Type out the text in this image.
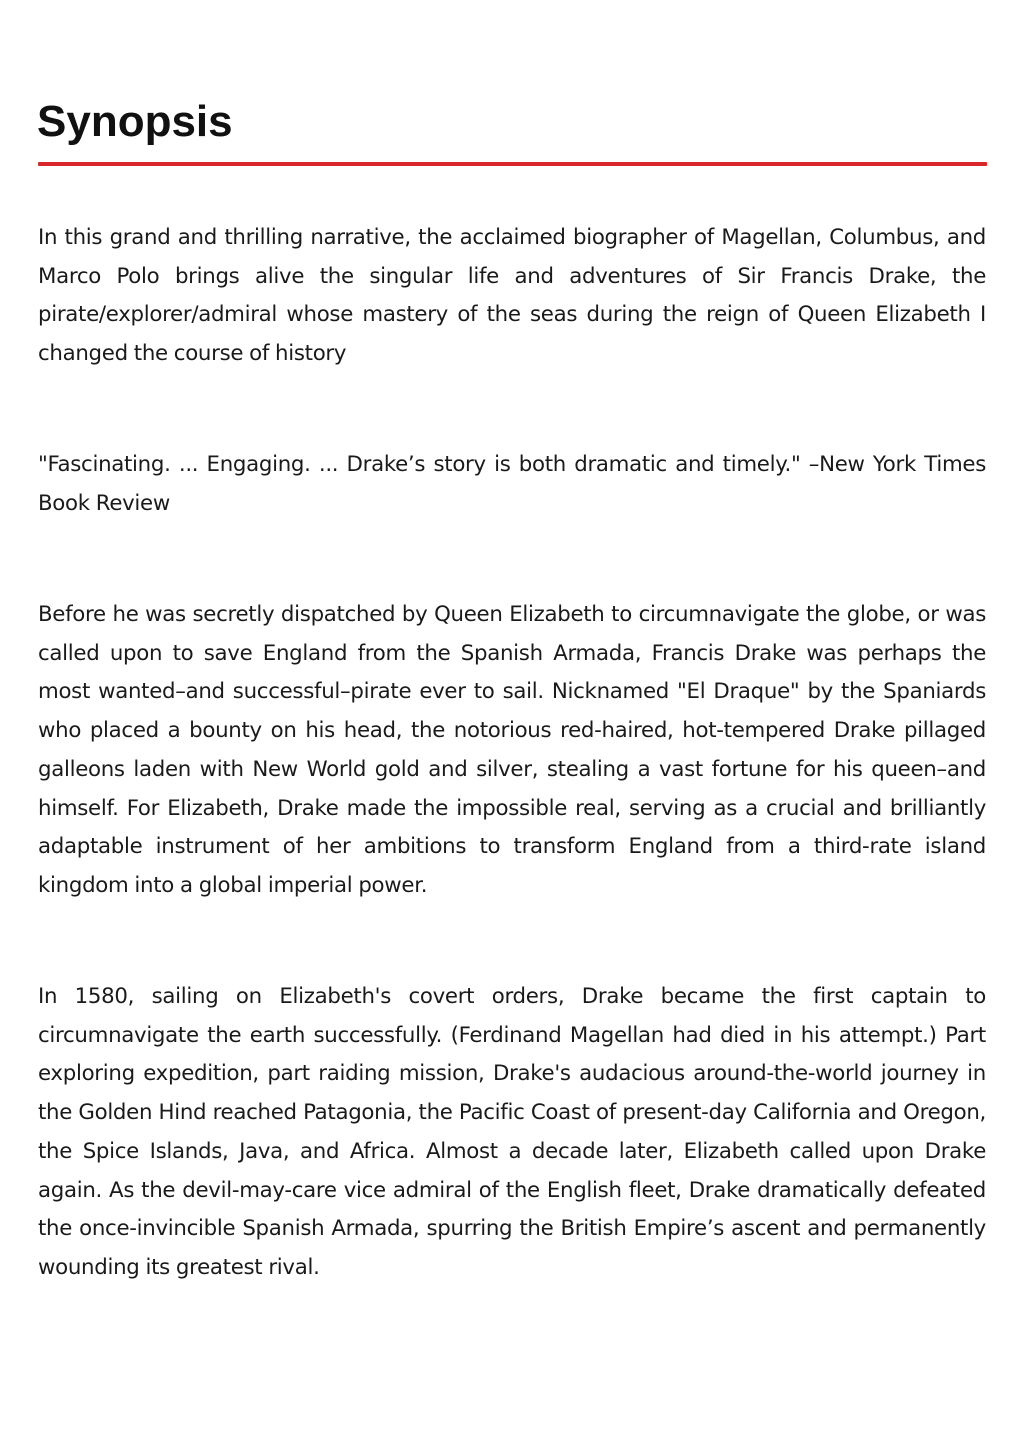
Synopsis

In this grand and thrilling narrative, the acclaimed biographer of Magellan, Columbus, and Marco Polo brings alive the singular life and adventures of Sir Francis Drake, the pirate/explorer/admiral whose mastery of the seas during the reign of Queen Elizabeth I changed the course of history

"Fascinating. ... Engaging. ... Drake’s story is both dramatic and timely." –New York Times Book Review

Before he was secretly dispatched by Queen Elizabeth to circumnavigate the globe, or was called upon to save England from the Spanish Armada, Francis Drake was perhaps the most wanted–and successful–pirate ever to sail. Nicknamed "El Draque" by the Spaniards who placed a bounty on his head, the notorious red-haired, hot-tempered Drake pillaged galleons laden with New World gold and silver, stealing a vast fortune for his queen–and himself. For Elizabeth, Drake made the impossible real, serving as a crucial and brilliantly adaptable instrument of her ambitions to transform England from a third-rate island kingdom into a global imperial power.

In 1580, sailing on Elizabeth's covert orders, Drake became the first captain to circumnavigate the earth successfully. (Ferdinand Magellan had died in his attempt.) Part exploring expedition, part raiding mission, Drake's audacious around-the-world journey in the Golden Hind reached Patagonia, the Pacific Coast of present-day California and Oregon, the Spice Islands, Java, and Africa. Almost a decade later, Elizabeth called upon Drake again. As the devil-may-care vice admiral of the English fleet, Drake dramatically defeated the once-invincible Spanish Armada, spurring the British Empire’s ascent and permanently wounding its greatest rival.
